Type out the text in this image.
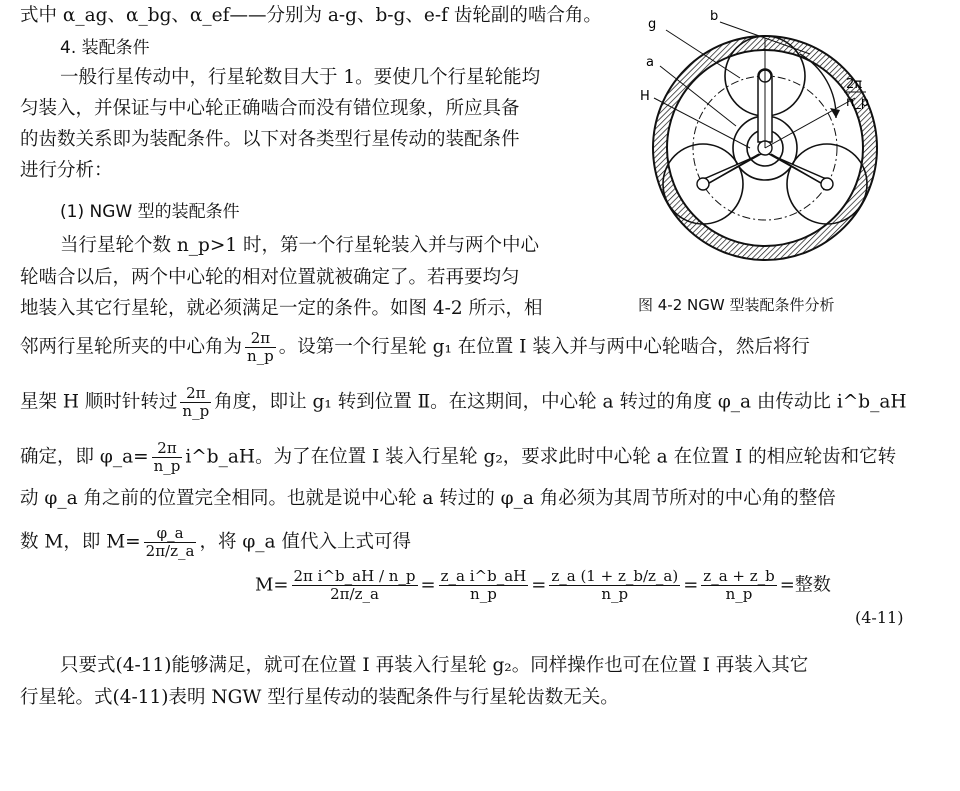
式中 α_ag、α_bg、α_ef——分别为 a-g、b-g、e-f 齿轮副的啮合角。
4. 装配条件
一般行星传动中，行星轮数目大于 1。要使几个行星轮能均
匀装入，并保证与中心轮正确啮合而没有错位现象，所应具备
的齿数关系即为装配条件。以下对各类型行星传动的装配条件
进行分析：
(1) NGW 型的装配条件
当行星轮个数 n_p>1 时，第一个行星轮装入并与两个中心
轮啮合以后，两个中心轮的相对位置就被确定了。若再要均匀
地装入其它行星轮，就必须满足一定的条件。如图 4-2 所示，相
邻两行星轮所夹的中心角为 $\frac{2\pi}{n\_p}$ 。设第一个行星轮 g₁ 在位置 Ⅰ 装入并与两中心轮啮合，然后将行
星架 H 顺时针转过 $\frac{2\pi}{n\_p}$ 角度，即让 g₁ 转到位置 Ⅱ。在这期间，中心轮 a 转过的角度 φ_a 由传动比 i^b_aH
确定，即 φ_a= $\frac{2\pi}{n\_p}$ i^b_aH。为了在位置 Ⅰ 装入行星轮 g₂，要求此时中心轮 a 在位置 Ⅰ 的相应轮齿和它转
动 φ_a 角之前的位置完全相同。也就是说中心轮 a 转过的 φ_a 角必须为其周节所对的中心角的整倍
数 M，即 $M= \frac{\varphi\_a}{2\pi/z\_a}$ ，将 φ_a 值代入上式可得
$M= \frac{\text{2π i\textasciicircum{}b\_aH / n\_p}}{2\pi/z\_a} = \frac{\text{z\_a i\textasciicircum{}b\_aH}}{n\_p} = \frac{z\_a (1 + z\_b/z\_a)}{n\_p} = \frac{z\_a + z\_b}{n\_p}$ =整数
(4-11)
只要式(4-11)能够满足，就可在位置 Ⅰ 再装入行星轮 g₂。同样操作也可在位置 Ⅰ 再装入其它
行星轮。式(4-11)表明 NGW 型行星传动的装配条件与行星轮齿数无关。
g
b
a
H
2π
n_p
图 4-2 NGW 型装配条件分析
